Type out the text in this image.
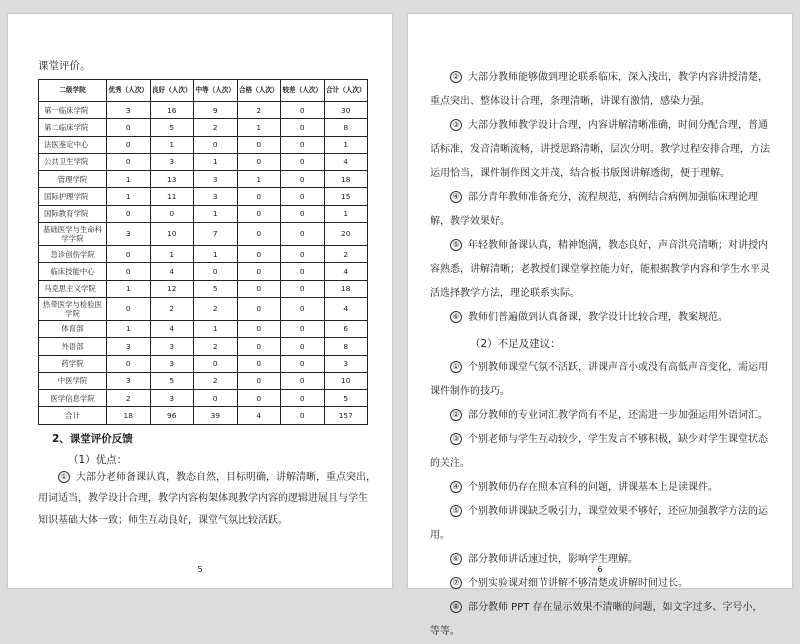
课堂评价。
二级学院	优秀（人次）	良好（人次）	中等（人次）	合格（人次）	较差（人次）	合计（人次）
第一临床学院	3	16	9	2	0	30
第二临床学院	0	5	2	1	0	8
法医鉴定中心	0	1	0	0	0	1
公共卫生学院	0	3	1	0	0	4
管理学院	1	13	3	1	0	18
国际护理学院	1	11	3	0	0	15
国际教育学院	0	0	1	0	0	1
基础医学与生命科学学院	3	10	7	0	0	20
急诊创伤学院	0	1	1	0	0	2
临床技能中心	0	4	0	0	0	4
马克思主义学院	1	12	5	0	0	18
热带医学与检验医学院	0	2	2	0	0	4
体育部	1	4	1	0	0	6
外语部	3	3	2	0	0	8
药学院	0	3	0	0	0	3
中医学院	3	5	2	0	0	10
医学信息学院	2	3	0	0	0	5
合计	18	96	39	4	0	157
2、课堂评价反馈
（1）优点：
① 大部分老师备课认真，教态自然，目标明确，讲解清晰，重点突出，用词适当，教学设计合理，教学内容构架体现教学内容的逻辑进展且与学生知识基础大体一致；师生互动良好，课堂气氛比较活跃。
5
② 大部分教师能够做到理论联系临床，深入浅出，教学内容讲授清楚，重点突出、整体设计合理，条理清晰，讲课有激情，感染力强。
③ 大部分教师教学设计合理，内容讲解清晰准确，时间分配合理，普通话标准，发音清晰流畅，讲授思路清晰，层次分明。教学过程安排合理，方法运用恰当，课件制作图文并茂，结合板书版图讲解透彻，便于理解。
④ 部分青年教师准备充分，流程规范，病例结合病例加强临床理论理解，教学效果好。
⑤ 年轻教师备课认真，精神饱满，教态良好，声音洪亮清晰；对讲授内容熟悉，讲解清晰；老教授们课堂掌控能力好，能根据教学内容和学生水平灵活选择教学方法，理论联系实际。
⑥ 教师们普遍做到认真备课，教学设计比较合理，教案规范。
（2）不足及建议：
① 个别教师课堂气氛不活跃，讲课声音小或没有高低声音变化，需运用课件制作的技巧。
② 部分教师的专业词汇教学尚有不足，还需进一步加强运用外语词汇。
③ 个别老师与学生互动较少，学生发言不够积极，缺少对学生课堂状态的关注。
④ 个别教师仍存在照本宣科的问题，讲课基本上是读课件。
⑤ 个别教师讲课缺乏吸引力，课堂效果不够好，还应加强教学方法的运用。
⑥ 部分教师讲话速过快，影响学生理解。
⑦ 个别实验课对细节讲解不够清楚或讲解时间过长。
⑧ 部分教师 PPT 存在显示效果不清晰的问题，如文字过多、字号小，等等。
6
